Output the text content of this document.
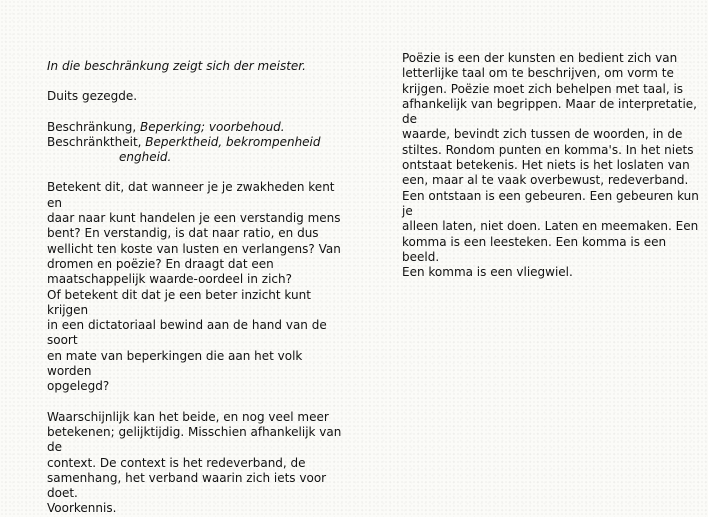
In die beschränkung zeigt sich der meister.

Duits gezegde.

Beschränkung, Beperking; voorbehoud.

Beschränktheit, Beperktheid, bekrompenheid

engheid.

Betekent dit, dat wanneer je je zwakheden kent en

daar naar kunt handelen je een verstandig mens

bent? En verstandig, is dat naar ratio, en dus

wellicht ten koste van lusten en verlangens? Van

dromen en poëzie? En draagt dat een

maatschappelijk waarde-oordeel in zich?

Of betekent dit dat je een beter inzicht kunt krijgen

in een dictatoriaal bewind aan de hand van de soort

en mate van beperkingen die aan het volk worden

opgelegd?

Waarschijnlijk kan het beide, en nog veel meer

betekenen; gelijktijdig. Misschien afhankelijk van de

context. De context is het redeverband, de

samenhang, het verband waarin zich iets voor doet.

Voorkennis.

Poëzie is een der kunsten en bedient zich van

letterlijke taal om te beschrijven, om vorm te

krijgen. Poëzie moet zich behelpen met taal, is

afhankelijk van begrippen. Maar de interpretatie, de

waarde, bevindt zich tussen de woorden, in de

stiltes. Rondom punten en komma's. In het niets

ontstaat betekenis. Het niets is het loslaten van

een, maar al te vaak overbewust, redeverband.

Een ontstaan is een gebeuren. Een gebeuren kun je

alleen laten, niet doen. Laten en meemaken. Een

komma is een leesteken. Een komma is een beeld.

Een komma is een vliegwiel.
